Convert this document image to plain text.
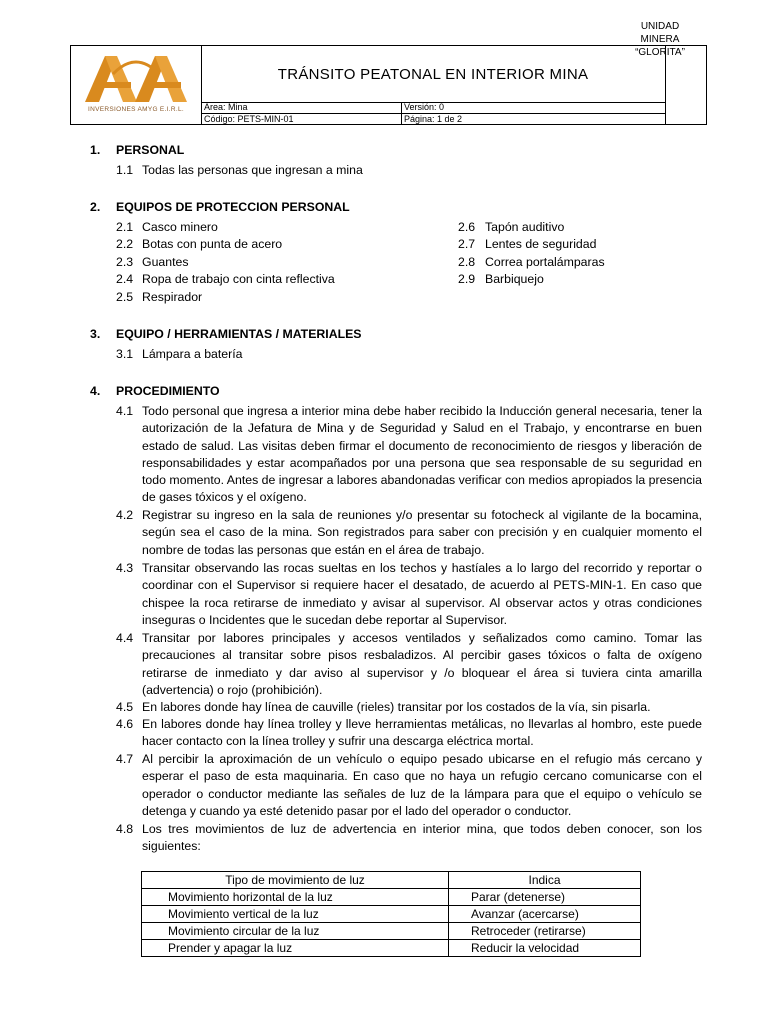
INVERSIONES AMYG E.I.R.L.
TRÁNSITO PEATONAL EN INTERIOR MINA
Area: Mina	Versión: 0
Código: PETS-MIN-01	Página: 1 de 2
UNIDAD
MINERA
“GLORITA”
1. PERSONAL
1.1 Todas las personas que ingresan a mina
2. EQUIPOS DE PROTECCION PERSONAL
2.1 Casco minero
2.2 Botas con punta de acero
2.3 Guantes
2.4 Ropa de trabajo con cinta reflectiva
2.5 Respirador
2.6 Tapón auditivo
2.7 Lentes de seguridad
2.8 Correa portalámparas
2.9 Barbiquejo
3. EQUIPO / HERRAMIENTAS / MATERIALES
3.1 Lámpara a batería
4. PROCEDIMIENTO
4.1 Todo personal que ingresa a interior mina debe haber recibido la Inducción general necesaria, tener la autorización de la Jefatura de Mina y de Seguridad y Salud en el Trabajo, y encontrarse en buen estado de salud. Las visitas deben firmar el documento de reconocimiento de riesgos y liberación de responsabilidades y estar acompañados por una persona que sea responsable de su seguridad en todo momento. Antes de ingresar a labores abandonadas verificar con medios apropiados la presencia de gases tóxicos y el oxígeno.
4.2 Registrar su ingreso en la sala de reuniones y/o presentar su fotocheck al vigilante de la bocamina, según sea el caso de la mina. Son registrados para saber con precisión y en cualquier momento el nombre de todas las personas que están en el área de trabajo.
4.3 Transitar observando las rocas sueltas en los techos y hastíales a lo largo del recorrido y reportar o coordinar con el Supervisor si requiere hacer el desatado, de acuerdo al PETS-MIN-1. En caso que chispee la roca retirarse de inmediato y avisar al supervisor. Al observar actos y otras condiciones inseguras o Incidentes que le sucedan debe reportar al Supervisor.
4.4 Transitar por labores principales y accesos ventilados y señalizados como camino. Tomar las precauciones al transitar sobre pisos resbaladizos. Al percibir gases tóxicos o falta de oxígeno retirarse de inmediato y dar aviso al supervisor y /o bloquear el área si tuviera cinta amarilla (advertencia) o rojo (prohibición).
4.5 En labores donde hay línea de cauville (rieles) transitar por los costados de la vía, sin pisarla.
4.6 En labores donde hay línea trolley y lleve herramientas metálicas, no llevarlas al hombro, este puede hacer contacto con la línea trolley y sufrir una descarga eléctrica mortal.
4.7 Al percibir la aproximación de un vehículo o equipo pesado ubicarse en el refugio más cercano y esperar el paso de esta maquinaria. En caso que no haya un refugio cercano comunicarse con el operador o conductor mediante las señales de luz de la lámpara para que el equipo o vehículo se detenga y cuando ya esté detenido pasar por el lado del operador o conductor.
4.8 Los tres movimientos de luz de advertencia en interior mina, que todos deben conocer, son los siguientes:
Tipo de movimiento de luz	Indica
Movimiento horizontal de la luz	Parar (detenerse)
Movimiento vertical de la luz	Avanzar (acercarse)
Movimiento circular de la luz	Retroceder (retirarse)
Prender y apagar la luz	Reducir la velocidad
